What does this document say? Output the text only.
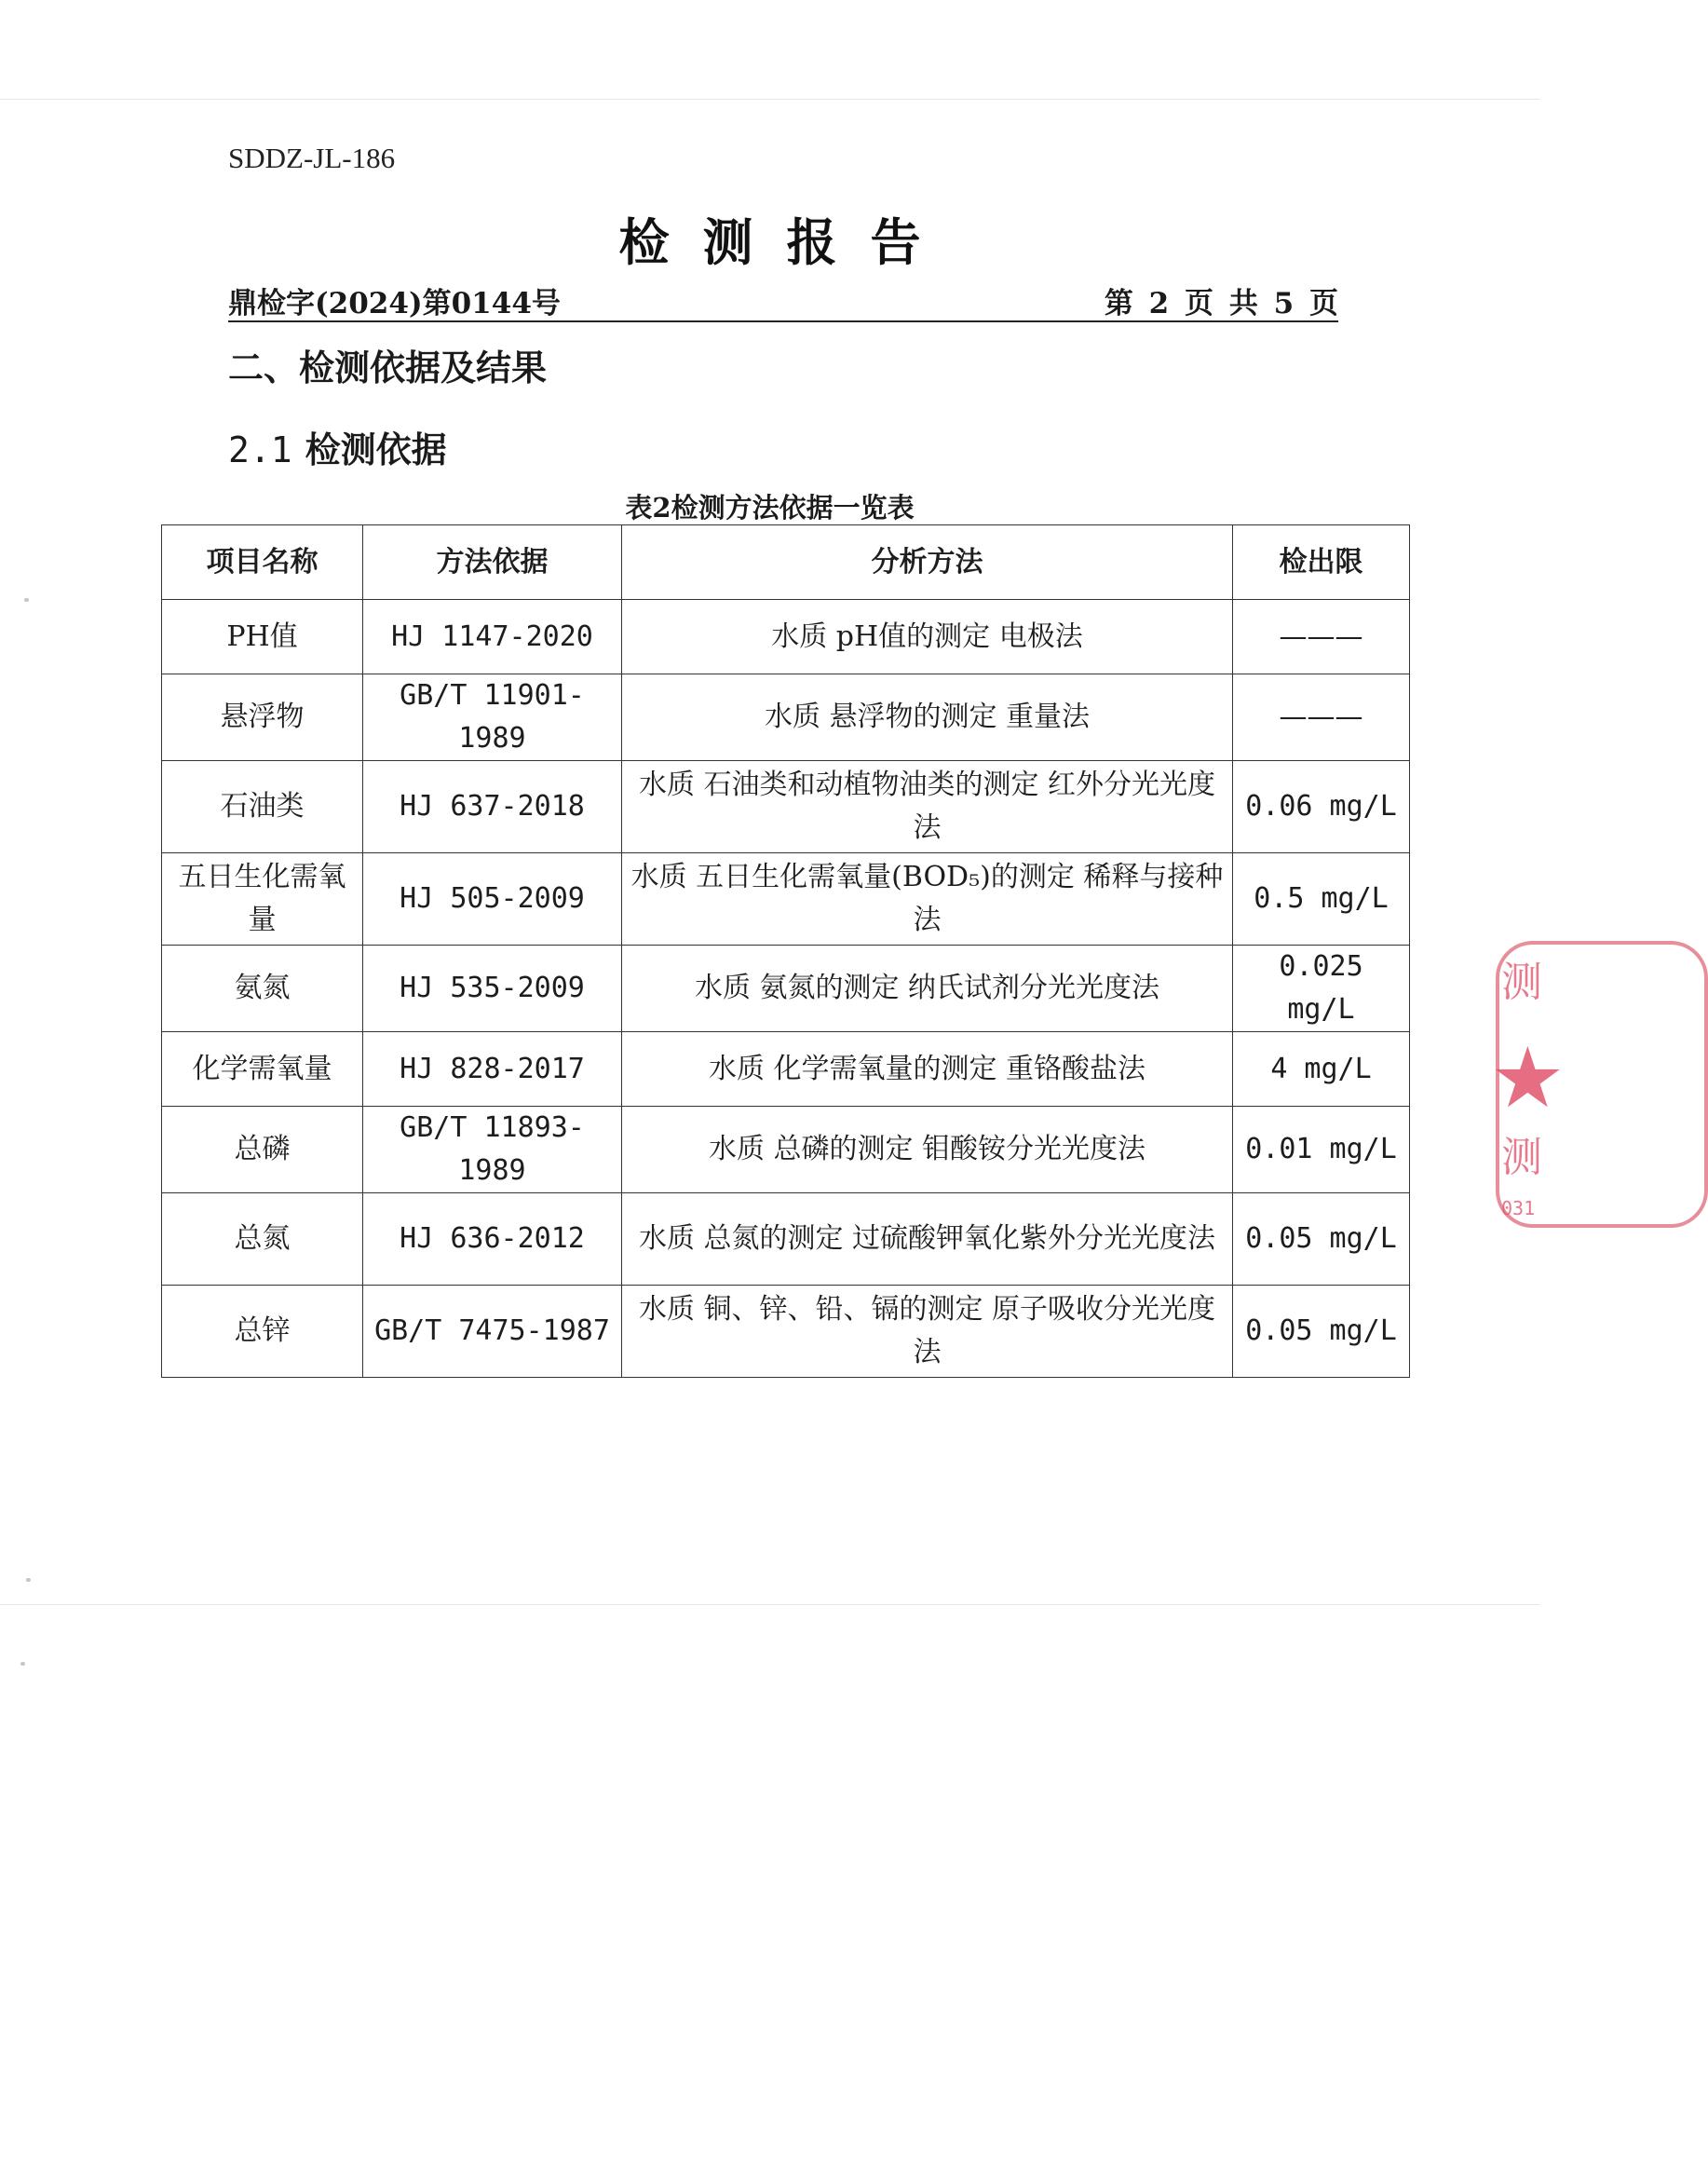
SDDZ-JL-186
检测报告
鼎检字(2024)第0144号	第 2 页 共 5 页
二、检测依据及结果
2.1 检测依据
表2检测方法依据一览表
项目名称	方法依据	分析方法	检出限
PH值	HJ 1147-2020	水质 pH值的测定 电极法	———
悬浮物	GB/T 11901-1989	水质 悬浮物的测定 重量法	———
石油类	HJ 637-2018	水质 石油类和动植物油类的测定 红外分光光度法	0.06 mg/L
五日生化需氧量	HJ 505-2009	水质 五日生化需氧量(BOD₅)的测定 稀释与接种法	0.5 mg/L
氨氮	HJ 535-2009	水质 氨氮的测定 纳氏试剂分光光度法	0.025 mg/L
化学需氧量	HJ 828-2017	水质 化学需氧量的测定 重铬酸盐法	4 mg/L
总磷	GB/T 11893-1989	水质 总磷的测定 钼酸铵分光光度法	0.01 mg/L
总氮	HJ 636-2012	水质 总氮的测定 过硫酸钾氧化紫外分光光度法	0.05 mg/L
总锌	GB/T 7475-1987	水质 铜、锌、铅、镉的测定 原子吸收分光光度法	0.05 mg/L
测
★
测
031
